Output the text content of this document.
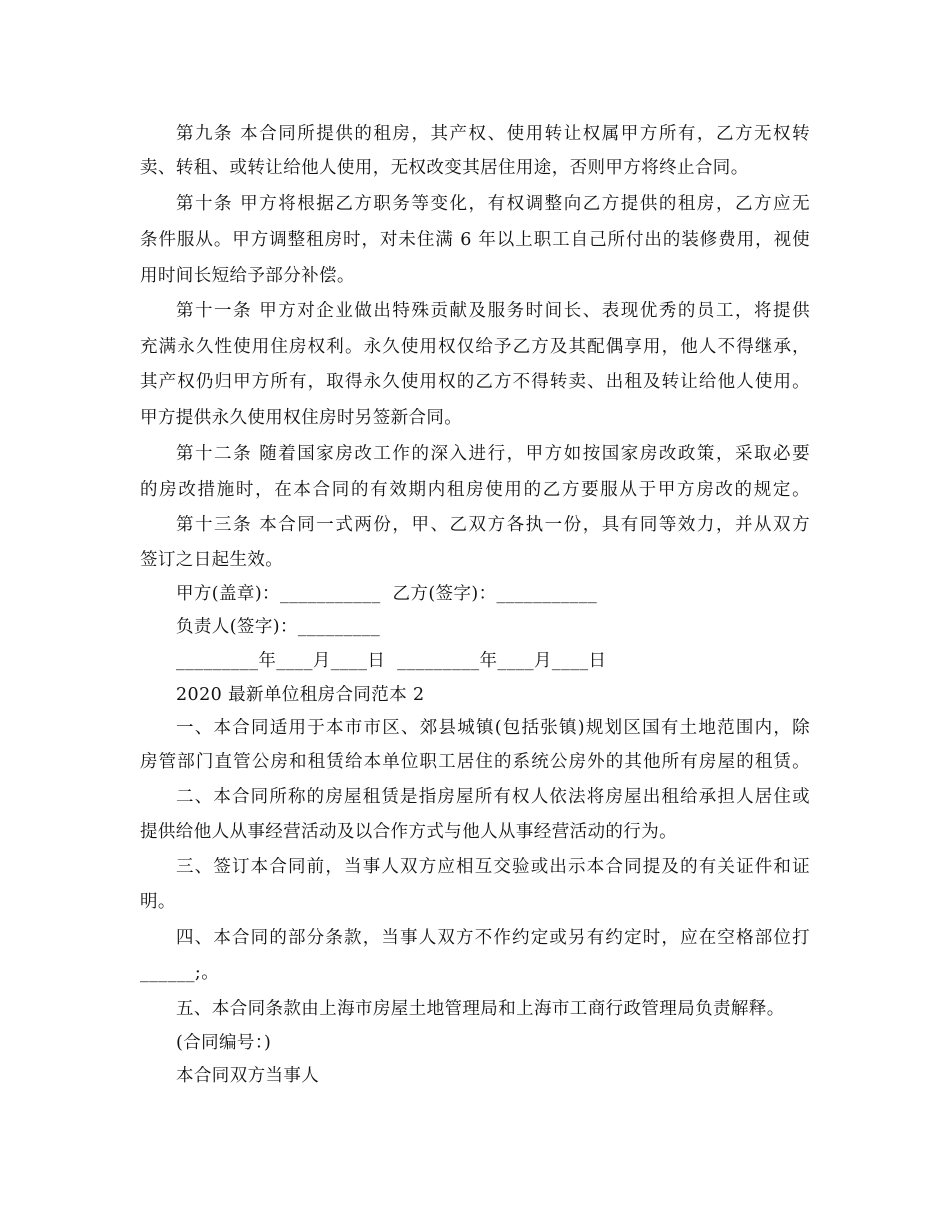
第九条 本合同所提供的租房，其产权、使用转让权属甲方所有，乙方无权转
卖、转租、或转让给他人使用，无权改变其居住用途，否则甲方将终止合同。
第十条 甲方将根据乙方职务等变化，有权调整向乙方提供的租房，乙方应无
条件服从。甲方调整租房时，对未住满 6 年以上职工自己所付出的装修费用，视使
用时间长短给予部分补偿。
第十一条 甲方对企业做出特殊贡献及服务时间长、表现优秀的员工，将提供
充满永久性使用住房权利。永久使用权仅给予乙方及其配偶享用，他人不得继承，
其产权仍归甲方所有，取得永久使用权的乙方不得转卖、出租及转让给他人使用。
甲方提供永久使用权住房时另签新合同。
第十二条 随着国家房改工作的深入进行，甲方如按国家房改政策，采取必要
的房改措施时，在本合同的有效期内租房使用的乙方要服从于甲方房改的规定。
第十三条 本合同一式两份，甲、乙双方各执一份，具有同等效力，并从双方
签订之日起生效。
甲方(盖章)：___________  乙方(签字)：___________
负责人(签字)：_________
_________年____月____日  _________年____月____日
2020 最新单位租房合同范本 2
一、本合同适用于本市市区、郊县城镇(包括张镇)规划区国有土地范围内，除
房管部门直管公房和租赁给本单位职工居住的系统公房外的其他所有房屋的租赁。
二、本合同所称的房屋租赁是指房屋所有权人依法将房屋出租给承担人居住或
提供给他人从事经营活动及以合作方式与他人从事经营活动的行为。
三、签订本合同前，当事人双方应相互交验或出示本合同提及的有关证件和证
明。
四、本合同的部分条款，当事人双方不作约定或另有约定时，应在空格部位打
______;。
五、本合同条款由上海市房屋土地管理局和上海市工商行政管理局负责解释。
(合同编号：)
本合同双方当事人
